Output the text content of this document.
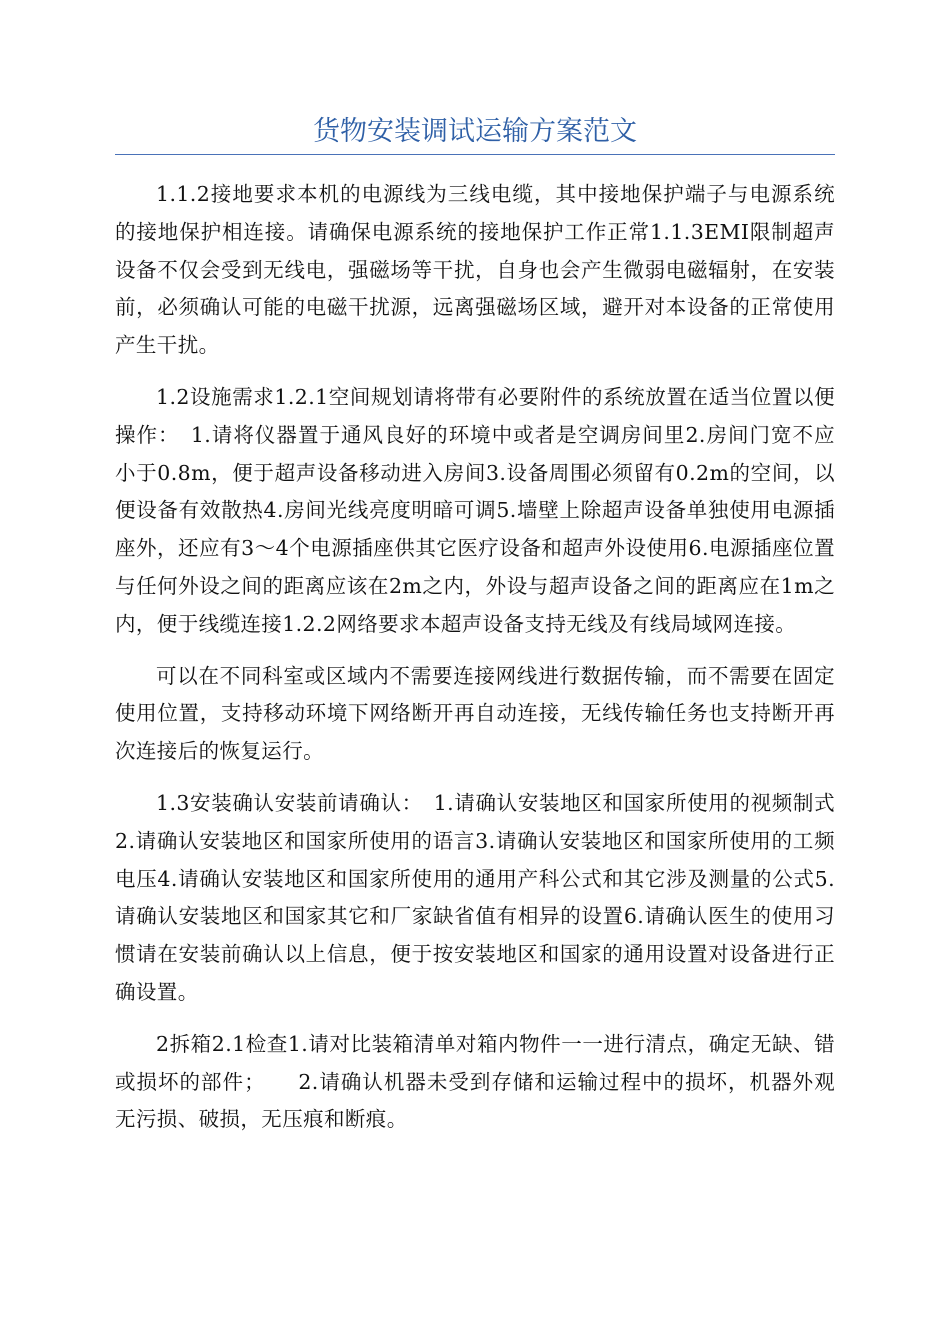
货物安装调试运输方案范文

1.1.2接地要求本机的电源线为三线电缆，其中接地保护端子与电源系统的接地保护相连接。请确保电源系统的接地保护工作正常1.1.3EMI限制超声设备不仅会受到无线电，强磁场等干扰，自身也会产生微弱电磁辐射，在安装前，必须确认可能的电磁干扰源，远离强磁场区域，避开对本设备的正常使用产生干扰。

1.2设施需求1.2.1空间规划请将带有必要附件的系统放置在适当位置以便操作：　1.请将仪器置于通风良好的环境中或者是空调房间里2.房间门宽不应小于0.8m，便于超声设备移动进入房间3.设备周围必须留有0.2m的空间，以便设备有效散热4.房间光线亮度明暗可调5.墙壁上除超声设备单独使用电源插座外，还应有3～4个电源插座供其它医疗设备和超声外设使用6.电源插座位置与任何外设之间的距离应该在2m之内，外设与超声设备之间的距离应在1m之内，便于线缆连接1.2.2网络要求本超声设备支持无线及有线局域网连接。

可以在不同科室或区域内不需要连接网线进行数据传输，而不需要在固定使用位置，支持移动环境下网络断开再自动连接，无线传输任务也支持断开再次连接后的恢复运行。

1.3安装确认安装前请确认：　1.请确认安装地区和国家所使用的视频制式2.请确认安装地区和国家所使用的语言3.请确认安装地区和国家所使用的工频电压4.请确认安装地区和国家所使用的通用产科公式和其它涉及测量的公式5.请确认安装地区和国家其它和厂家缺省值有相异的设置6.请确认医生的使用习惯请在安装前确认以上信息，便于按安装地区和国家的通用设置对设备进行正确设置。

2拆箱2.1检查1.请对比装箱清单对箱内物件一一进行清点，确定无缺、错或损坏的部件；　　2.请确认机器未受到存储和运输过程中的损坏，机器外观无污损、破损，无压痕和断痕。
